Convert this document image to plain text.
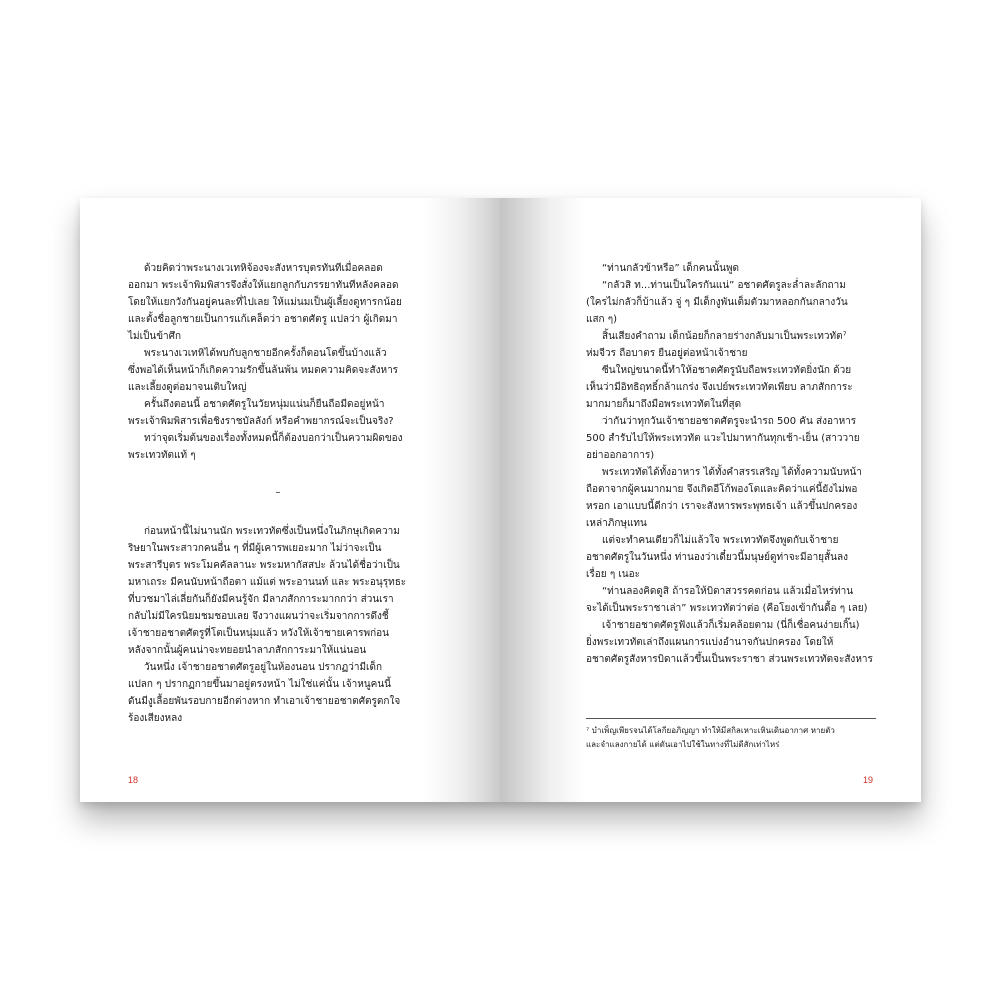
ด้วยคิดว่าพระนางเวเทหิจ้องจะสังหารบุตรทันทีเมื่อคลอด

ออกมา พระเจ้าพิมพิสารจึงสั่งให้แยกลูกกับภรรยาทันทีหลังคลอด

โดยให้แยกวังกันอยู่คนละที่ไปเลย ให้แม่นมเป็นผู้เลี้ยงดูทารกน้อย

และตั้งชื่อลูกชายเป็นการแก้เคล็ดว่า อชาตศัตรู แปลว่า ผู้เกิดมา

ไม่เป็นข้าศึก

พระนางเวเทหิได้พบกับลูกชายอีกครั้งก็ตอนโตขึ้นบ้างแล้ว

ซึ่งพอได้เห็นหน้าก็เกิดความรักขึ้นล้นพ้น หมดความคิดจะสังหาร

และเลี้ยงดูต่อมาจนเติบใหญ่

ครั้นถึงตอนนี้ อชาตศัตรูในวัยหนุ่มแน่นก็ยืนถือมีดอยู่หน้า

พระเจ้าพิมพิสารเพื่อชิงราชบัลลังก์ หรือคำพยากรณ์จะเป็นจริง?

ทว่าจุดเริ่มต้นของเรื่องทั้งหมดนี้ก็ต้องบอกว่าเป็นความผิดของ

พระเทวทัตแท้ ๆ

–

ก่อนหน้านี้ไม่นานนัก พระเทวทัตซึ่งเป็นหนึ่งในภิกษุเกิดความ

ริษยาในพระสาวกคนอื่น ๆ ที่มีผู้เคารพเยอะมาก ไม่ว่าจะเป็น

พระสารีบุตร พระโมคคัลลานะ พระมหากัสสปะ ล้วนได้ชื่อว่าเป็น

มหาเถระ มีคนนับหน้าถือตา แม้แต่ พระอานนท์ และ พระอนุรุทธะ

ที่บวชมาไล่เลี่ยกันก็ยังมีคนรู้จัก มีลาภสักการะมากกว่า ส่วนเรา

กลับไม่มีใครนิยมชมชอบเลย จึงวางแผนว่าจะเริ่มจากการดึงชี้

เจ้าชายอชาตศัตรูที่โตเป็นหนุ่มแล้ว หวังให้เจ้าชายเคารพก่อน

หลังจากนั้นผู้คนน่าจะทยอยนำลาภสักการะมาให้แน่นอน

วันหนึ่ง เจ้าชายอชาตศัตรูอยู่ในห้องนอน ปรากฏว่ามีเด็ก

แปลก ๆ ปรากฏกายขึ้นมาอยู่ตรงหน้า ไม่ใช่แค่นั้น เจ้าหนูคนนี้

ดันมีงูเลื้อยพันรอบกายอีกต่างหาก ทำเอาเจ้าชายอชาตศัตรูตกใจ

ร้องเสียงหลง

18

“ท่านกลัวข้าหรือ” เด็กคนนั้นพูด

“กลัวสิ ท...ท่านเป็นใครกันแน่” อชาตศัตรูละล่ำละลักถาม

(ใครไม่กลัวก็บ้าแล้ว จู่ ๆ มีเด็กงูพันเต็มตัวมาหลอกกันกลางวัน

แสก ๆ)

สิ้นเสียงคำถาม เด็กน้อยก็กลายร่างกลับมาเป็นพระเทวทัต⁷

ห่มจีวร ถือบาตร ยืนอยู่ต่อหน้าเจ้าชาย

ซีนใหญ่ขนาดนี้ทำให้อชาตศัตรูนับถือพระเทวทัตยิ่งนัก ด้วย

เห็นว่ามีอิทธิฤทธิ์กล้าแกร่ง จึงเปย์พระเทวทัตเพียบ ลาภสักการะ

มากมายก็มาถึงมือพระเทวทัตในที่สุด

ว่ากันว่าทุกวันเจ้าชายอชาตศัตรูจะนำรถ 500 คัน ส่งอาหาร

500 สำรับไปให้พระเทวทัต แวะไปมาหากันทุกเช้า-เย็น (สาววาย

อย่าออกอาการ)

พระเทวทัตได้ทั้งอาหาร ได้ทั้งคำสรรเสริญ ได้ทั้งความนับหน้า

ถือตาจากผู้คนมากมาย จึงเกิดอีโก้พองโตและคิดว่าแค่นี้ยังไม่พอ

หรอก เอาแบบนี้ดีกว่า เราจะสังหารพระพุทธเจ้า แล้วขึ้นปกครอง

เหล่าภิกษุแทน

แต่จะทำคนเดียวก็ไม่แล้วใจ พระเทวทัตจึงพูดกับเจ้าชาย

อชาตศัตรูในวันหนึ่ง ท่านองว่าเดี๋ยวนี้มนุษย์ดูท่าจะมีอายุสั้นลง

เรื่อย ๆ เนอะ

“ท่านลองคิดดูสิ ถ้ารอให้บิดาสวรรคตก่อน แล้วเมื่อไหร่ท่าน

จะได้เป็นพระราชาเล่า” พระเทวทัตว่าต่อ (คือโยงเข้ากันดื้อ ๆ เลย)

เจ้าชายอชาตศัตรูฟังแล้วก็เริ่มคล้อยตาม (นี่ก็เชื่อคนง่ายเกิ๊น)

ยิ่งพระเทวทัตเล่าถึงแผนการแบ่งอำนาจกันปกครอง โดยให้

อชาตศัตรูสังหารบิดาแล้วขึ้นเป็นพระราชา ส่วนพระเทวทัตจะสังหาร

⁷ บำเพ็ญเพียรจนได้โลกียอภิญญา ทำให้มีสกิลเหาะเหินเดินอากาศ หายตัว
และจำแลงกายได้ แต่ดันเอาไปใช้ในทางที่ไม่ดีสักเท่าไหร่
19
